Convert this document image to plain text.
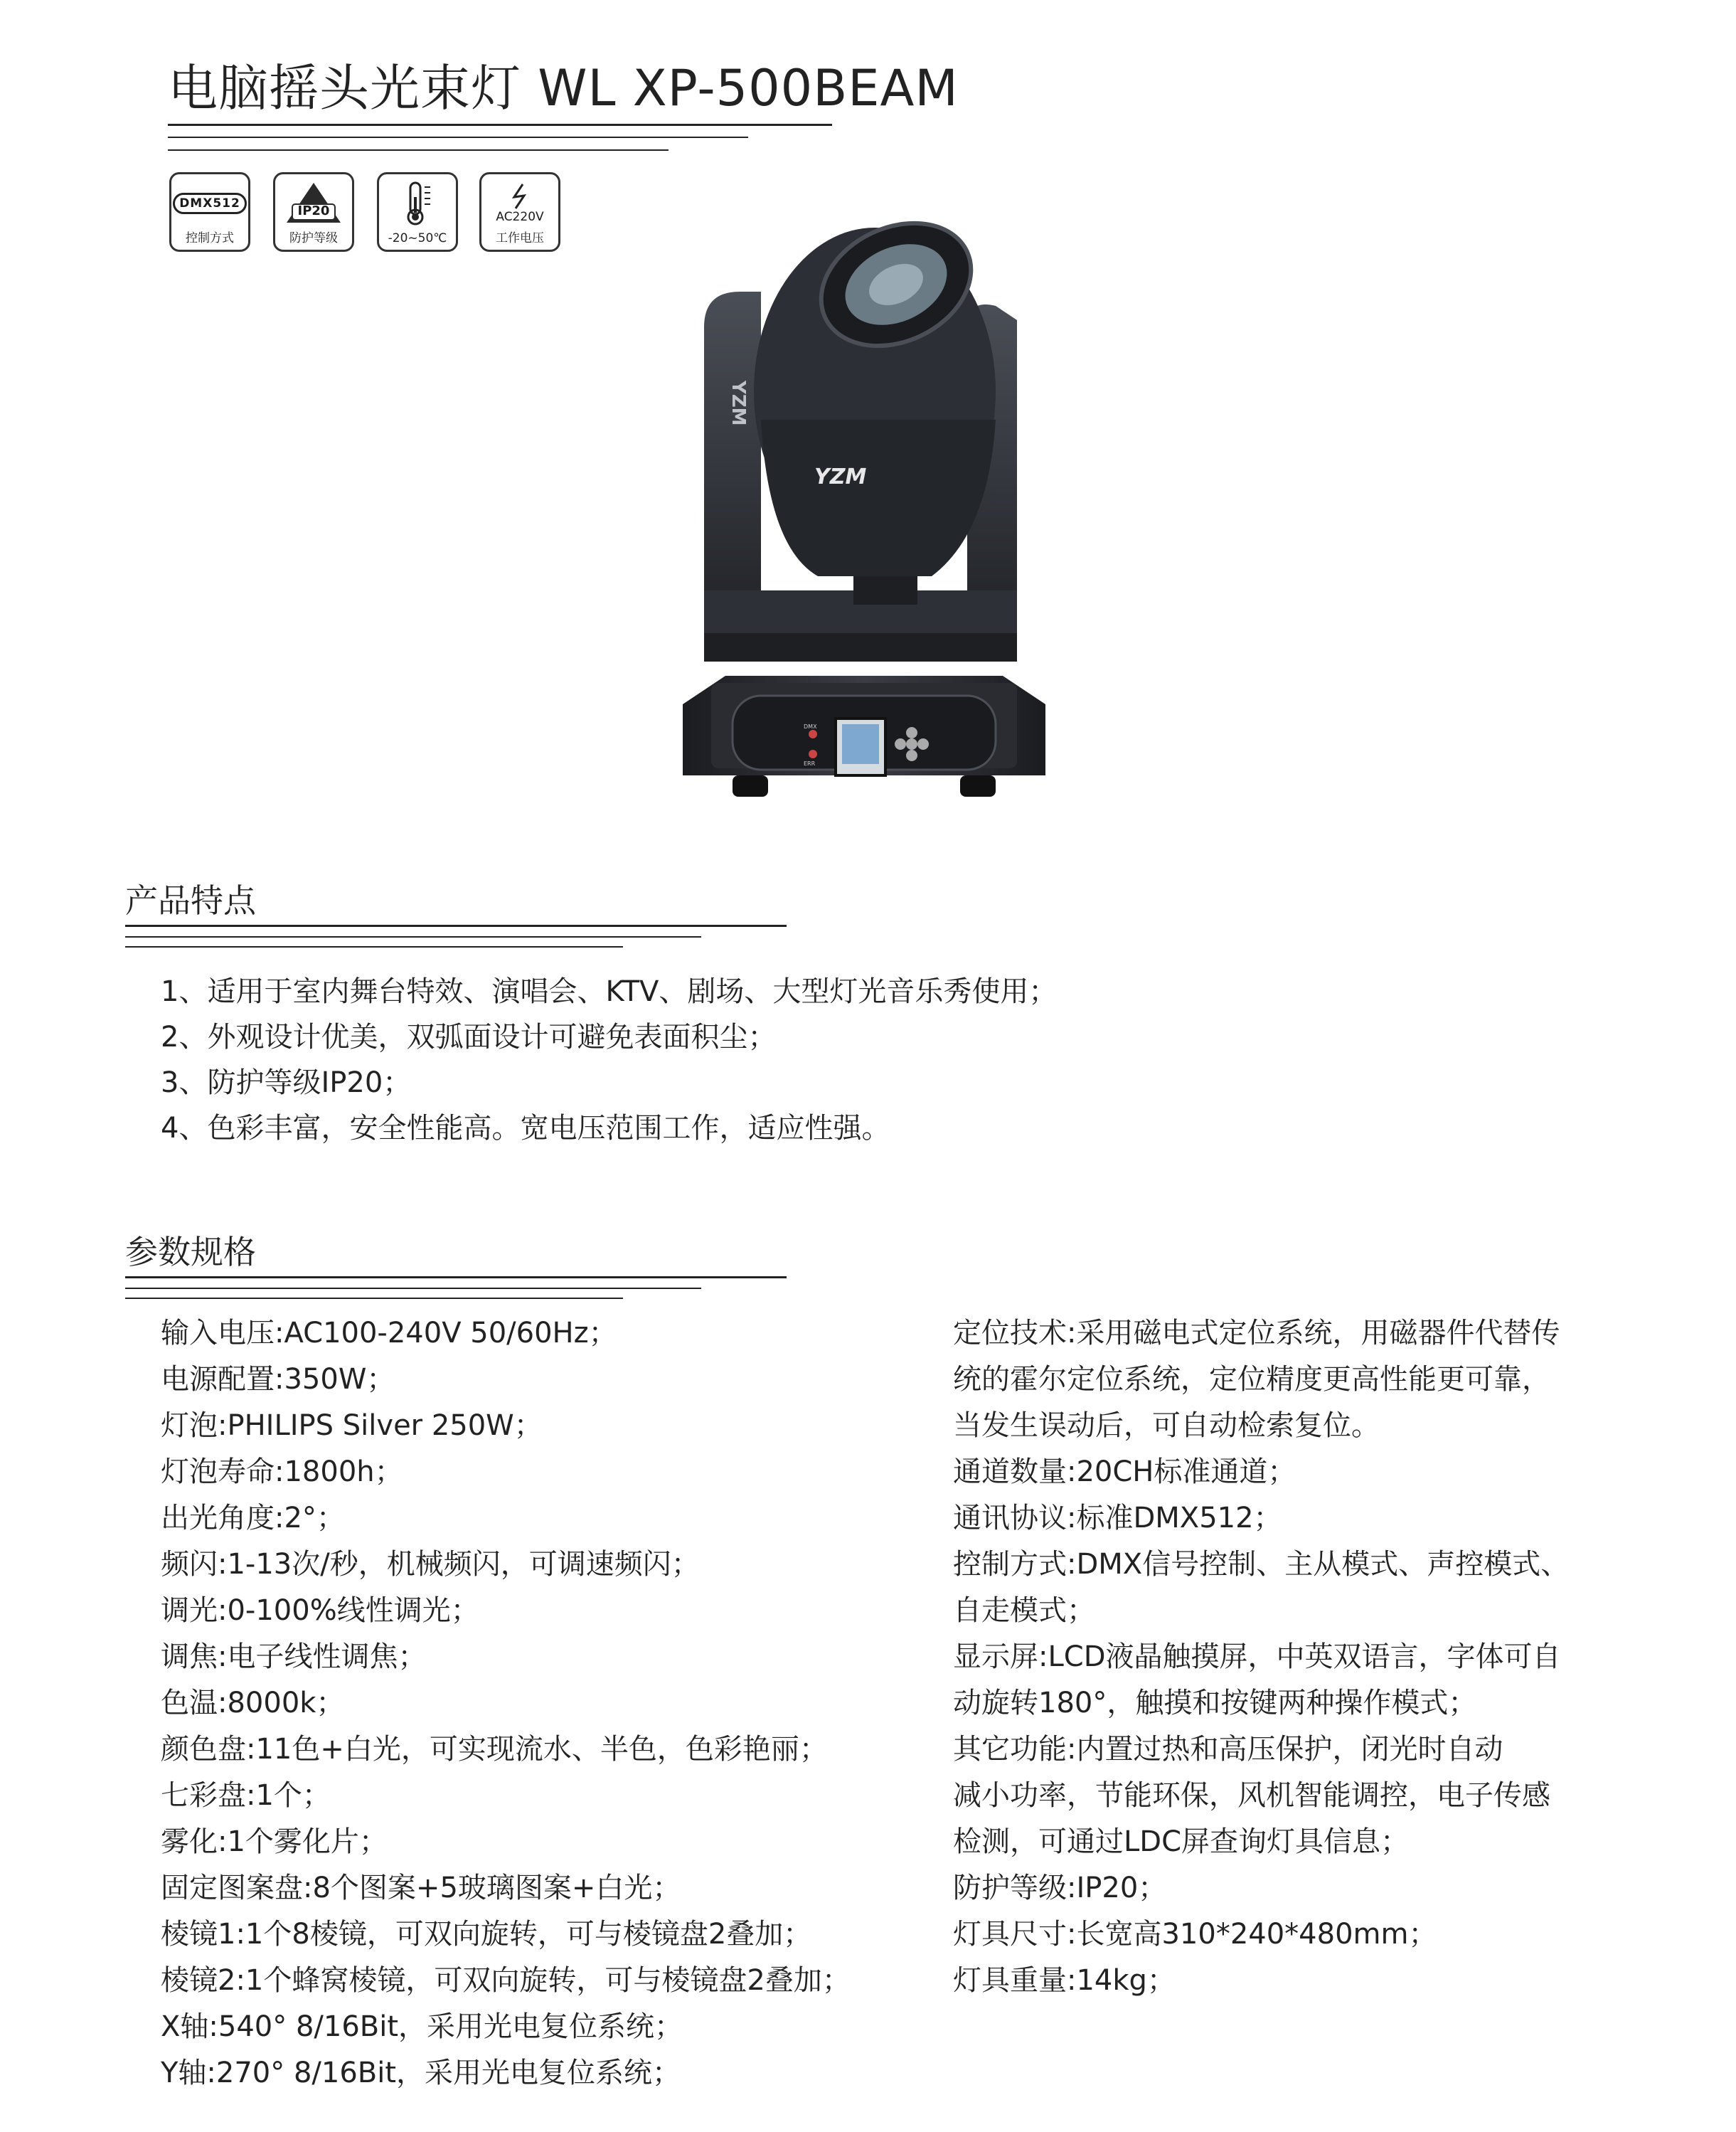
电脑摇头光束灯 WL XP-500BEAM
DMX512
控制方式
IP20
防护等级	-20~50℃
AC220V
工作电压
DMX
ERR
YZM
YZM
产品特点
1、适用于室内舞台特效、演唱会、KTV、剧场、大型灯光音乐秀使用；
2、外观设计优美，双弧面设计可避免表面积尘；
3、防护等级IP20；
4、色彩丰富，安全性能高。宽电压范围工作，适应性强。
参数规格
输入电压:AC100-240V 50/60Hz；
电源配置:350W；
灯泡:PHILIPS Silver 250W；
灯泡寿命:1800h；
出光角度:2°；
频闪:1-13次/秒，机械频闪，可调速频闪；
调光:0-100%线性调光；
调焦:电子线性调焦；
色温:8000k；
颜色盘:11色+白光，可实现流水、半色，色彩艳丽；
七彩盘:1个；
雾化:1个雾化片；
固定图案盘:8个图案+5玻璃图案+白光；
棱镜1:1个8棱镜，可双向旋转，可与棱镜盘2叠加；
棱镜2:1个蜂窝棱镜，可双向旋转，可与棱镜盘2叠加；
X轴:540° 8/16Bit，采用光电复位系统；
Y轴:270° 8/16Bit，采用光电复位系统；
定位技术:采用磁电式定位系统，用磁器件代替传
统的霍尔定位系统，定位精度更高性能更可靠，
当发生误动后，可自动检索复位。
通道数量:20CH标准通道；
通讯协议:标准DMX512；
控制方式:DMX信号控制、主从模式、声控模式、
自走模式；
显示屏:LCD液晶触摸屏，中英双语言，字体可自
动旋转180°，触摸和按键两种操作模式；
其它功能:内置过热和高压保护，闭光时自动
减小功率，节能环保，风机智能调控，电子传感
检测，可通过LDC屏查询灯具信息；
防护等级:IP20；
灯具尺寸:长宽高310*240*480mm；
灯具重量:14kg；
